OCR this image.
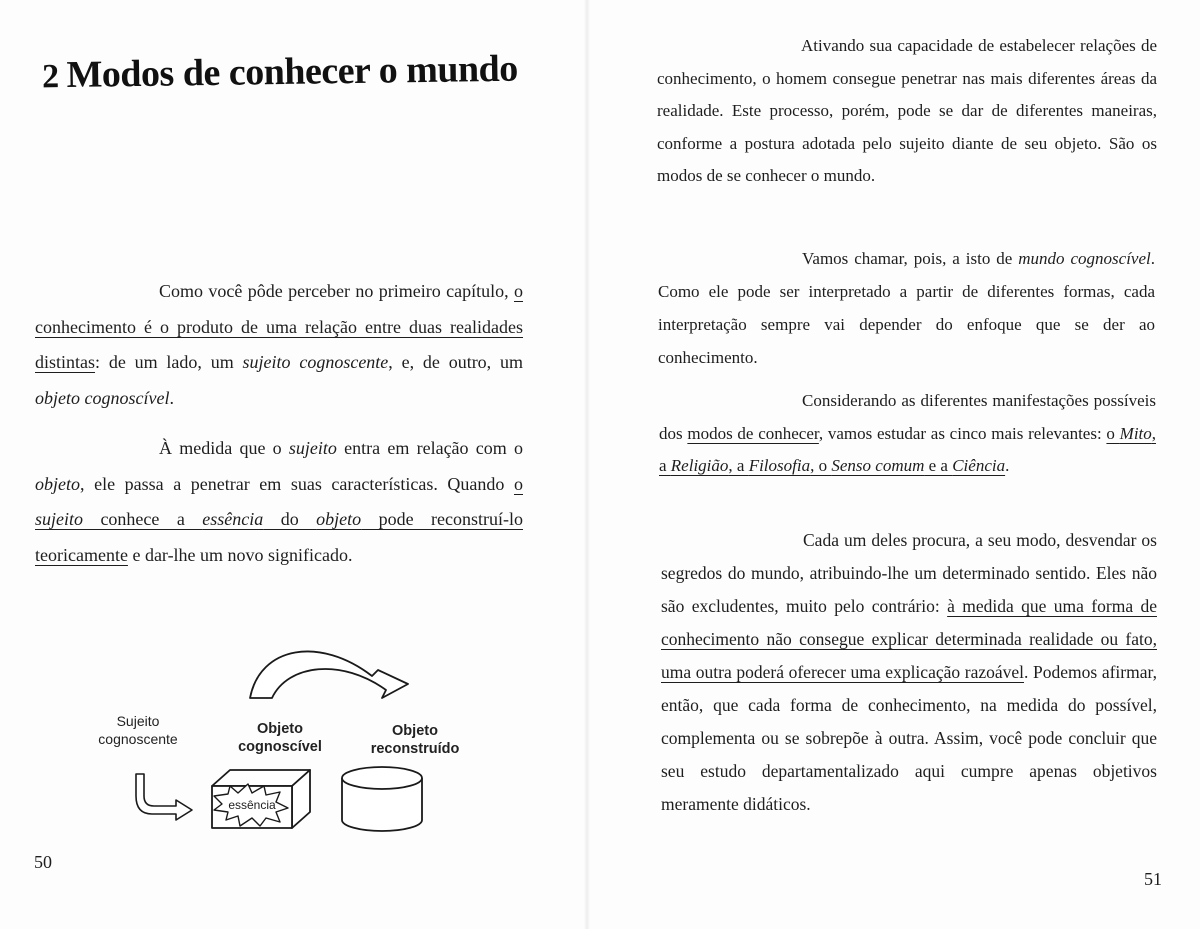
2 Modos de conhecer o mundo

Como você pôde perceber no primeiro capítulo, o conhecimento é o produto de uma relação entre duas realidades distintas: de um lado, um sujeito cognoscente, e, de outro, um objeto cognoscível.

À medida que o sujeito entra em relação com o objeto, ele passa a penetrar em suas características. Quando o sujeito conhece a essência do objeto pode reconstruí-lo teoricamente e dar-lhe um novo significado.

Sujeito cognoscente

Objeto cognoscível

Objeto reconstruído

essência

50

Ativando sua capacidade de estabelecer relações de conhecimento, o homem consegue penetrar nas mais diferentes áreas da realidade. Este processo, porém, pode se dar de diferentes maneiras, conforme a postura adotada pelo sujeito diante de seu objeto. São os modos de se conhecer o mundo.

Vamos chamar, pois, a isto de mundo cognoscível. Como ele pode ser interpretado a partir de diferentes formas, cada interpretação sempre vai depender do enfoque que se der ao conhecimento.

Considerando as diferentes manifestações possíveis dos modos de conhecer, vamos estudar as cinco mais relevantes: o Mito, a Religião, a Filosofia, o Senso comum e a Ciência.

Cada um deles procura, a seu modo, desvendar os segredos do mundo, atribuindo-lhe um determinado sentido. Eles não são excludentes, muito pelo contrário: à medida que uma forma de conhecimento não consegue explicar determinada realidade ou fato, uma outra poderá oferecer uma explicação razoável. Podemos afirmar, então, que cada forma de conhecimento, na medida do possível, complementa ou se sobrepõe à outra. Assim, você pode concluir que seu estudo departamentalizado aqui cumpre apenas objetivos meramente didáticos.

51
